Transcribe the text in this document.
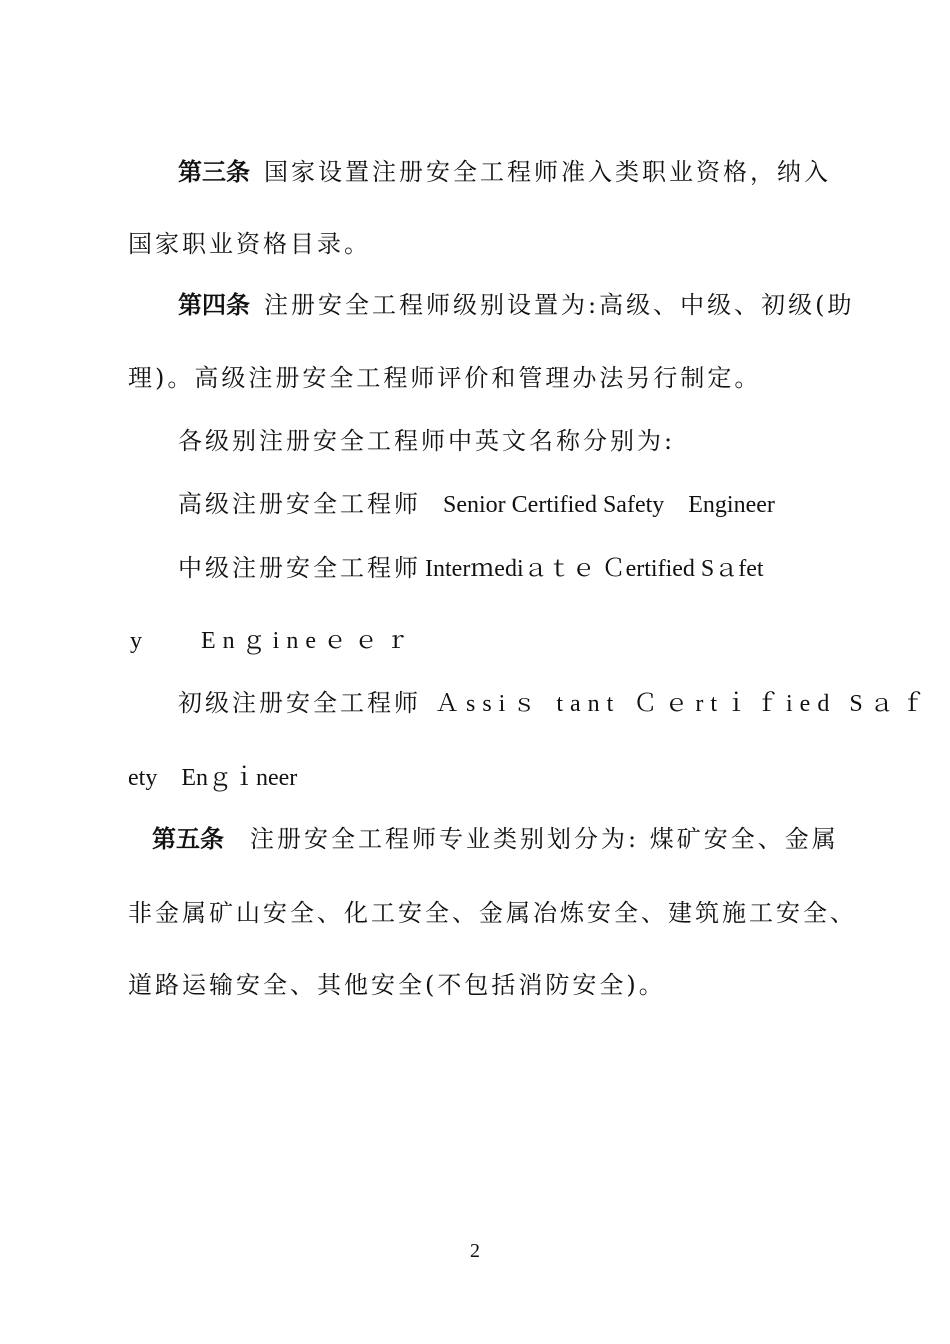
第三条 国家设置注册安全工程师准入类职业资格，纳入
国家职业资格目录。
第四条 注册安全工程师级别设置为:高级、中级、初级(助
理)。高级注册安全工程师评价和管理办法另行制定。
各级别注册安全工程师中英文名称分别为:
高级注册安全工程师 Senior Certified Safety    Engineer
中级注册安全工程师 Interｍediａｔｅ Ｃertified Sａfet
y    Enｇineｅｅｒ
初级注册安全工程师 Ａssiｓ tant Ｃｅrtｉｆied Sａｆ
ety    Enｇｉneer
第五条 注册安全工程师专业类别划分为: 煤矿安全、金属
非金属矿山安全、化工安全、金属冶炼安全、建筑施工安全、
道路运输安全、其他安全(不包括消防安全)。
2
